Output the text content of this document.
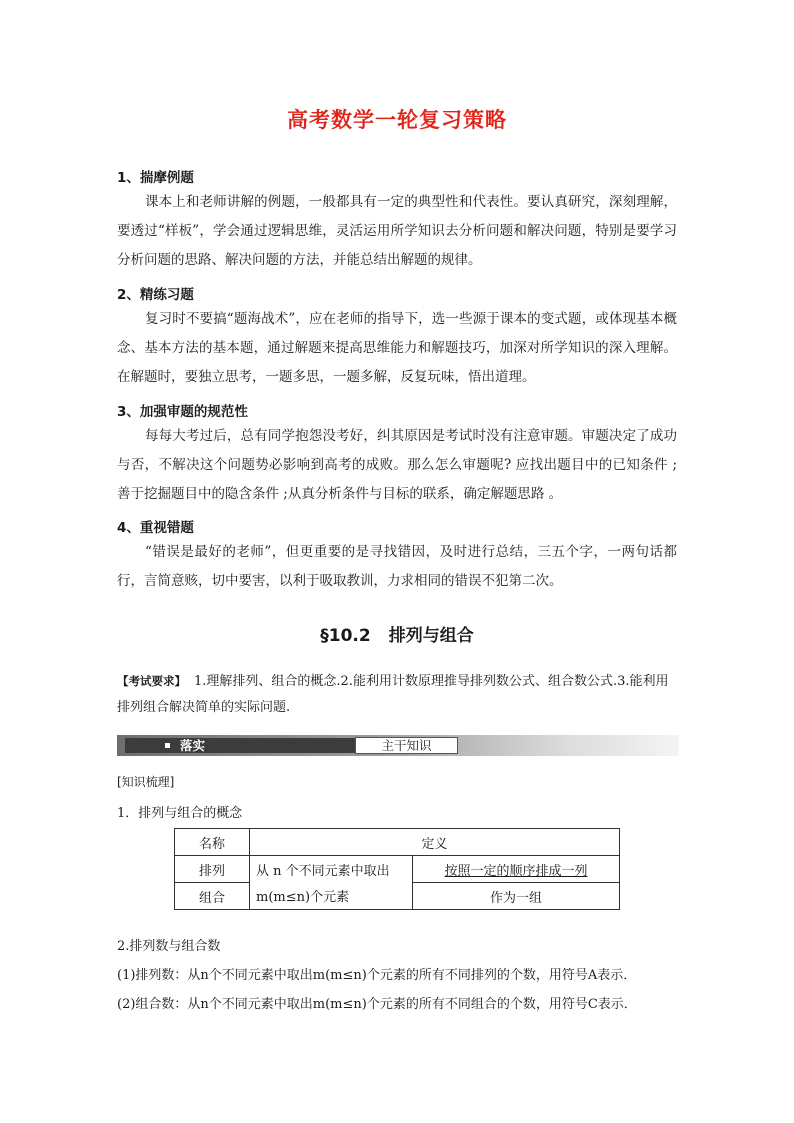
高考数学一轮复习策略
1、揣摩例题
课本上和老师讲解的例题，一般都具有一定的典型性和代表性。要认真研究，深刻理解，要透过“样板”，学会通过逻辑思维，灵活运用所学知识去分析问题和解决问题，特别是要学习分析问题的思路、解决问题的方法，并能总结出解题的规律。
2、精练习题
复习时不要搞“题海战术”，应在老师的指导下，选一些源于课本的变式题，或体现基本概念、基本方法的基本题，通过解题来提高思维能力和解题技巧，加深对所学知识的深入理解。在解题时，要独立思考，一题多思，一题多解，反复玩味，悟出道理。
3、加强审题的规范性
每每大考过后，总有同学抱怨没考好，纠其原因是考试时没有注意审题。审题决定了成功与否，不解决这个问题势必影响到高考的成败。那么怎么审题呢? 应找出题目中的已知条件 ;善于挖掘题目中的隐含条件 ;从真分析条件与目标的联系，确定解题思路 。
4、重视错题
“错误是最好的老师”，但更重要的是寻找错因，及时进行总结，三五个字，一两句话都行，言简意赅，切中要害，以利于吸取教训，力求相同的错误不犯第二次。
§10.2 排列与组合
【考试要求】 1.理解排列、组合的概念.2.能利用计数原理推导排列数公式、组合数公式.3.能利用排列组合解决简单的实际问题.
落实	主干知识
[知识梳理]
1．排列与组合的概念
名称	定义	
排列	从 n 个不同元素中取出	按照一定的顺序排成一列
组合	m(m≤n)个元素	作为一组
2.排列数与组合数
(1)排列数：从n个不同元素中取出m(m≤n)个元素的所有不同排列的个数，用符号A表示．
(2)组合数：从n个不同元素中取出m(m≤n)个元素的所有不同组合的个数，用符号C表示．
